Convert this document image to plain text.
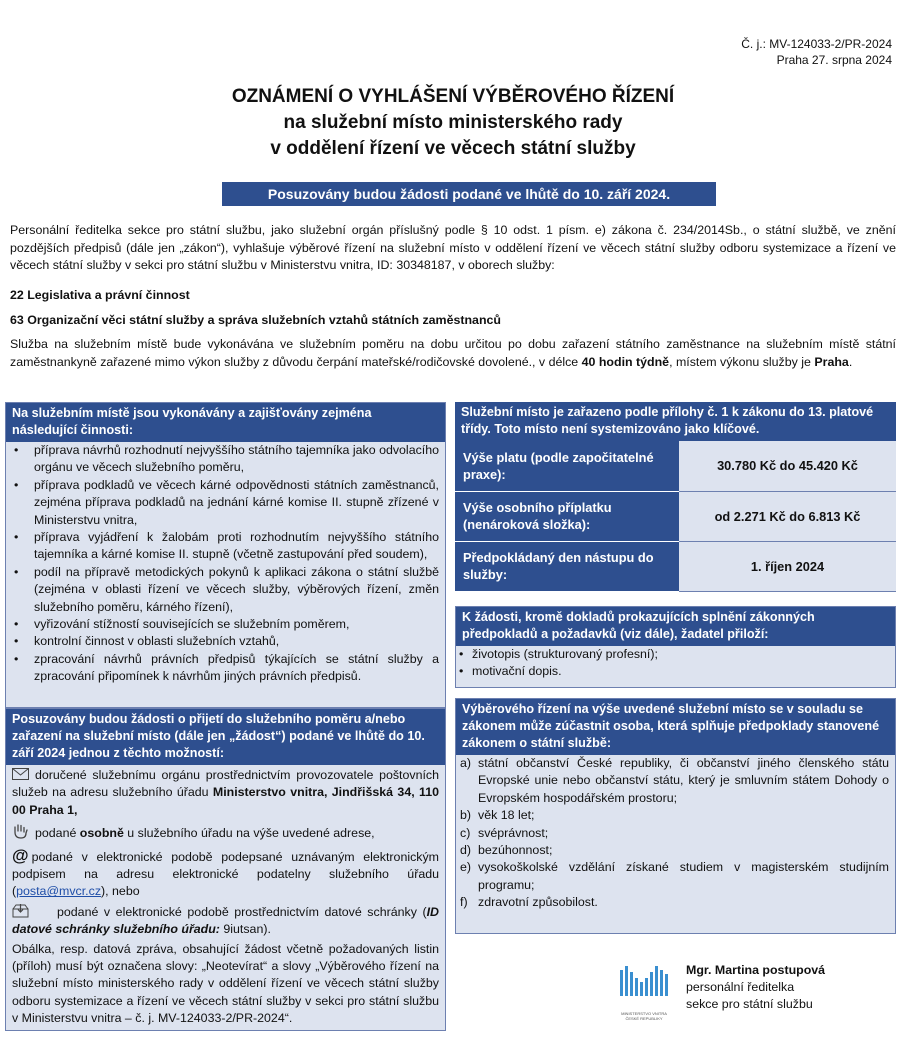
Č. j.: MV-124033-2/PR-2024
Praha 27. srpna 2024
OZNÁMENÍ O VYHLÁŠENÍ VÝBĚROVÉHO ŘÍZENÍ
na služební místo ministerského rady
v oddělení řízení ve věcech státní služby
Posuzovány budou žádosti podané ve lhůtě do 10. září 2024.
Personální ředitelka sekce pro státní službu, jako služební orgán příslušný podle § 10 odst. 1 písm. e) zákona č. 234/2014Sb., o státní službě, ve znění pozdějších předpisů (dále jen „zákon“), vyhlašuje výběrové řízení na služební místo v oddělení řízení ve věcech státní služby odboru systemizace a řízení ve věcech státní služby v sekci pro státní službu v Ministerstvu vnitra, ID: 30348187, v oborech služby:
22 Legislativa a právní činnost
63 Organizační věci státní služby a správa služebních vztahů státních zaměstnanců
Služba na služebním místě bude vykonávána ve služebním poměru na dobu určitou po dobu zařazení státního zaměstnance na služebním místě státní zaměstnankyně zařazené mimo výkon služby z důvodu čerpání mateřské/rodičovské dovolené., v délce 40 hodin týdně, místem výkonu služby je Praha.
Na služebním místě jsou vykonávány a zajišťovány zejména následující činnosti:
• příprava návrhů rozhodnutí nejvyššího státního tajemníka jako odvolacího orgánu ve věcech služebního poměru,
• příprava podkladů ve věcech kárné odpovědnosti státních zaměstnanců, zejména příprava podkladů na jednání kárné komise II. stupně zřízené v Ministerstvu vnitra,
• příprava vyjádření k žalobám proti rozhodnutím nejvyššího státního tajemníka a kárné komise II. stupně (včetně zastupování před soudem),
• podíl na přípravě metodických pokynů k aplikaci zákona o státní službě (zejména v oblasti řízení ve věcech služby, výběrových řízení, změn služebního poměru, kárného řízení),
• vyřizování stížností souvisejících se služebním poměrem,
• kontrolní činnost v oblasti služebních vztahů,
• zpracování návrhů právních předpisů týkajících se státní služby a zpracování připomínek k návrhům jiných právních předpisů.
Posuzovány budou žádosti o přijetí do služebního poměru a/nebo zařazení na služební místo (dále jen „žádost“) podané ve lhůtě do 10. září 2024 jednou z těchto možností:
doručené služebnímu orgánu prostřednictvím provozovatele poštovních služeb na adresu služebního úřadu Ministerstvo vnitra, Jindřišská 34, 110 00 Praha 1,
podané osobně u služebního úřadu na výše uvedené adrese,
@ podané v elektronické podobě podepsané uznávaným elektronickým podpisem na adresu elektronické podatelny služebního úřadu (posta@mvcr.cz), nebo
podané v elektronické podobě prostřednictvím datové schránky (ID datové schránky služebního úřadu: 9iutsan).
Obálka, resp. datová zpráva, obsahující žádost včetně požadovaných listin (příloh) musí být označena slovy: „Neotevírat“ a slovy „Výběrového řízení na služební místo ministerského rady v oddělení řízení ve věcech státní služby odboru systemizace a řízení ve věcech státní služby v sekci pro státní službu v Ministerstvu vnitra – č. j. MV-124033-2/PR-2024“.
Služební místo je zařazeno podle přílohy č. 1 k zákonu do 13. platové třídy. Toto místo není systemizováno jako klíčové.
Výše platu (podle započitatelné praxe):	30.780 Kč do 45.420 Kč
Výše osobního příplatku (nenároková složka):	od 2.271 Kč do 6.813 Kč
Předpokládaný den nástupu do služby:	1. říjen 2024
K žádosti, kromě dokladů prokazujících splnění zákonných předpokladů a požadavků (viz dále), žadatel přiloží:
• životopis (strukturovaný profesní);
• motivační dopis.
Výběrového řízení na výše uvedené služební místo se v souladu se zákonem může zúčastnit osoba, která splňuje předpoklady stanovené zákonem o státní službě:
a) státní občanství České republiky, či občanství jiného členského státu Evropské unie nebo občanství státu, který je smluvním státem Dohody o Evropském hospodářském prostoru;
b) věk 18 let;
c) svéprávnost;
d) bezúhonnost;
e) vysokoškolské vzdělání získané studiem v magisterském studijním programu;
f) zdravotní způsobilost.
MINISTERSTVO VNITRA ČESKÉ REPUBLIKY
Mgr. Martina postupová
personální ředitelka
sekce pro státní službu
